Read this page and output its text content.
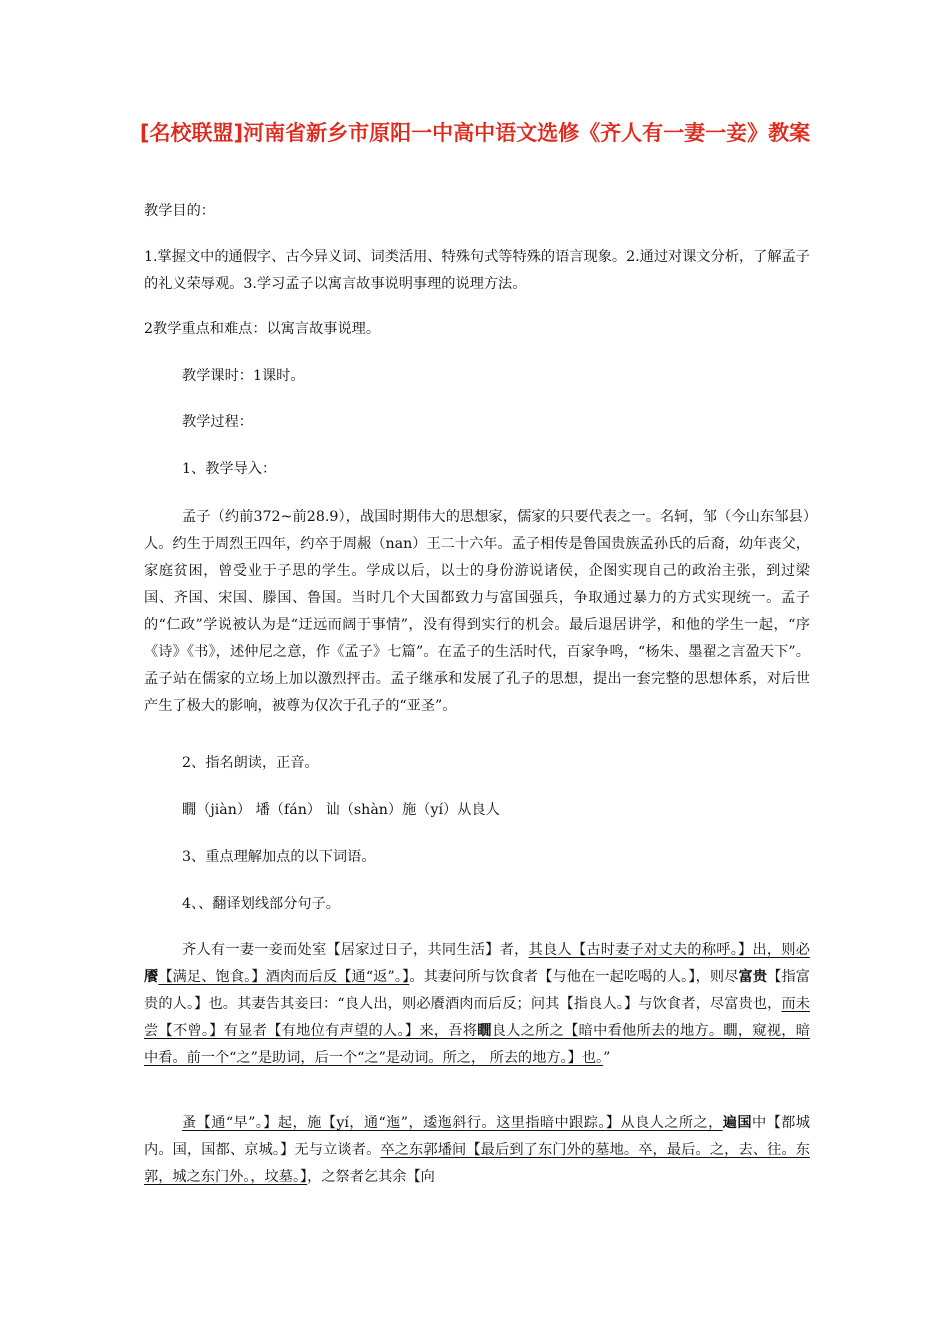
[名校联盟]河南省新乡市原阳一中高中语文选修《齐人有一妻一妾》教案

教学目的：

1.掌握文中的通假字、古今异义词、词类活用、特殊句式等特殊的语言现象。2.通过对课文分析，了解孟子的礼义荣辱观。3.学习孟子以寓言故事说明事理的说理方法。

2教学重点和难点：以寓言故事说理。

教学课时：1课时。

教学过程：

1、教学导入：

孟子（约前372~前28.9），战国时期伟大的思想家，儒家的只要代表之一。名轲，邹（今山东邹县）人。约生于周烈王四年，约卒于周赧（nan）王二十六年。孟子相传是鲁国贵族孟孙氏的后裔，幼年丧父，家庭贫困，曾受业于子思的学生。学成以后，以士的身份游说诸侯，企图实现自己的政治主张，到过梁国、齐国、宋国、滕国、鲁国。当时几个大国都致力与富国强兵，争取通过暴力的方式实现统一。孟子的“仁政”学说被认为是“迂远而阔于事情”，没有得到实行的机会。最后退居讲学，和他的学生一起，“序《诗》《书》，述仲尼之意，作《孟子》七篇”。在孟子的生活时代，百家争鸣，“杨朱、墨翟之言盈天下”。孟子站在儒家的立场上加以激烈抨击。孟子继承和发展了孔子的思想，提出一套完整的思想体系，对后世产生了极大的影响，被尊为仅次于孔子的“亚圣”。

2、指名朗读，正音。

瞯（jiàn） 墦（fán） 讪（shàn）施（yí）从良人

3、重点理解加点的以下词语。

4、、翻译划线部分句子。

齐人有一妻一妾而处室【居家过日子，共同生活】者，其良人【古时妻子对丈夫的称呼。】出，则必餍【满足、饱食。】酒肉而后反【通“返”。】。其妻问所与饮食者【与他在一起吃喝的人。】，则尽富贵【指富贵的人。】也。其妻告其妾曰：“良人出，则必餍酒肉而后反；问其【指良人。】与饮食者，尽富贵也，而未尝【不曾。】有显者【有地位有声望的人。】来，吾将瞯良人之所之【暗中看他所去的地方。瞯，窥视，暗中看。前一个“之”是助词，后一个“之”是动词。所之， 所去的地方。】也。”

蚤【通“早”。】起，施【yí，通“迤”，逶迤斜行。这里指暗中跟踪。】从良人之所之，遍国中【都城内。国，国都、京城。】无与立谈者。卒之东郭墦间【最后到了东门外的墓地。卒，最后。之，去、往。东郭，城之东门外。，坟墓。】，之祭者乞其余【向
